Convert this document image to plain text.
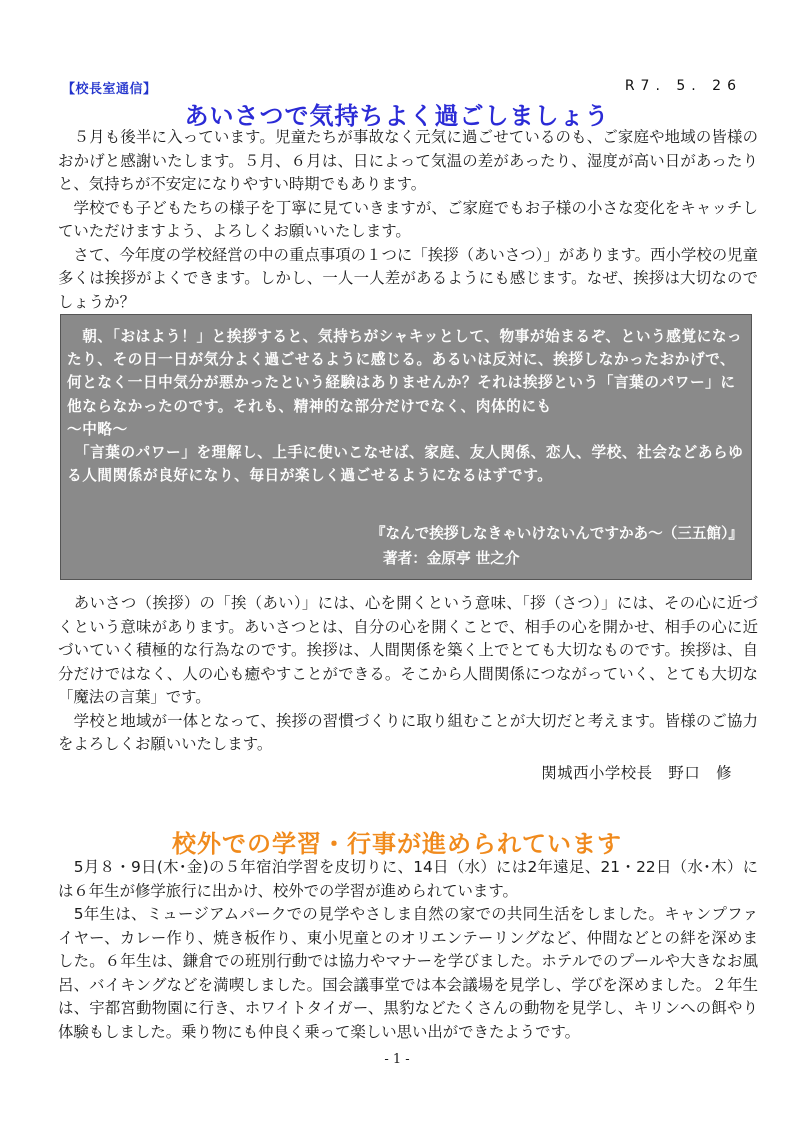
【校長室通信】	R7. 5. 26
あいさつで気持ちよく過ごしましょう
　５月も後半に入っています。児童たちが事故なく元気に過ごせているのも、ご家庭や地域の皆様のおかげと感謝いたします。５月、６月は、日によって気温の差があったり、湿度が高い日があったりと、気持ちが不安定になりやすい時期でもあります。
　学校でも子どもたちの様子を丁寧に見ていきますが、ご家庭でもお子様の小さな変化をキャッチしていただけますよう、よろしくお願いいたします。
　さて、今年度の学校経営の中の重点事項の１つに「挨拶（あいさつ）」があります。西小学校の児童多くは挨拶がよくできます。しかし、一人一人差があるようにも感じます。なぜ、挨拶は大切なのでしょうか？
　朝、「おはよう！」と挨拶すると、気持ちがシャキッとして、物事が始まるぞ、という感覚になったり、その日一日が気分よく過ごせるように感じる。あるいは反対に、挨拶しなかったおかげで、何となく一日中気分が悪かったという経験はありませんか？それは挨拶という「言葉のパワー」に他ならなかったのです。それも、精神的な部分だけでなく、肉体的にも
～中略～
　「言葉のパワー」を理解し、上手に使いこなせば、家庭、友人関係、恋人、学校、社会などあらゆる人間関係が良好になり、毎日が楽しく過ごせるようになるはずです。
『なんで挨拶しなきゃいけないんですかあ～（三五館）』
著者：金原亭 世之介
　あいさつ（挨拶）の「挨（あい）」には、心を開くという意味、「拶（さつ）」には、その心に近づくという意味があります。あいさつとは、自分の心を開くことで、相手の心を開かせ、相手の心に近づいていく積極的な行為なのです。挨拶は、人間関係を築く上でとても大切なものです。挨拶は、自分だけではなく、人の心も癒やすことができる。そこから人間関係につながっていく、とても大切な「魔法の言葉」です。
　学校と地域が一体となって、挨拶の習慣づくりに取り組むことが大切だと考えます。皆様のご協力をよろしくお願いいたします。
関城西小学校長　野口　修
校外での学習・行事が進められています
　5月８・9日(木･金)の５年宿泊学習を皮切りに、14日（水）には2年遠足、21・22日（水･木）には６年生が修学旅行に出かけ、校外での学習が進められています。
　5年生は、ミュージアムパークでの見学やさしま自然の家での共同生活をしました。キャンプファイヤー、カレー作り、焼き板作り、東小児童とのオリエンテーリングなど、仲間などとの絆を深めました。６年生は、鎌倉での班別行動では協力やマナーを学びました。ホテルでのプールや大きなお風呂、バイキングなどを満喫しました。国会議事堂では本会議場を見学し、学びを深めました。２年生は、宇都宮動物園に行き、ホワイトタイガー、黒豹などたくさんの動物を見学し、キリンへの餌やり体験もしました。乗り物にも仲良く乗って楽しい思い出ができたようです。
- 1 -
